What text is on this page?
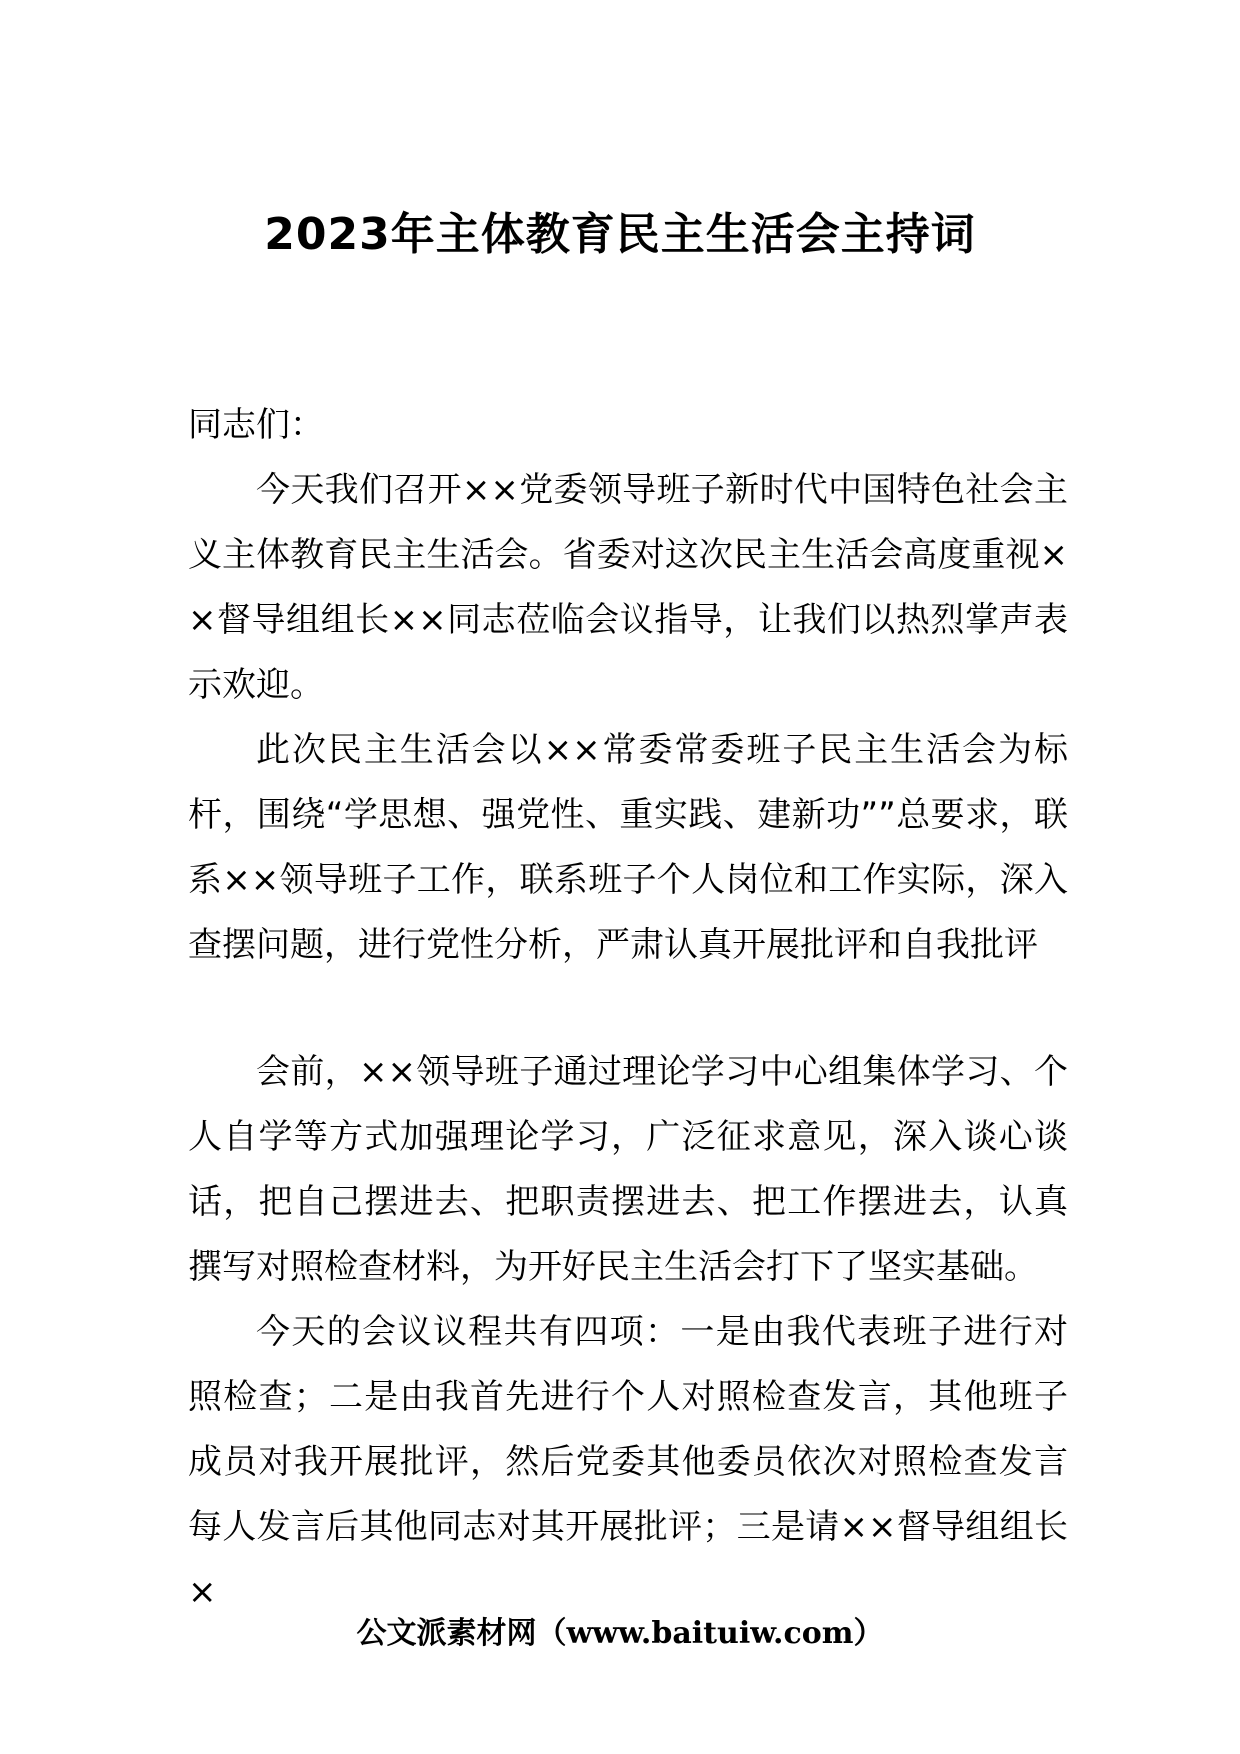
2023年主体教育民主生活会主持词
同志们：

今天我们召开××党委领导班子新时代中国特色社会主义主体教育民主生活会。省委对这次民主生活会高度重视××督导组组长××同志莅临会议指导，让我们以热烈掌声表示欢迎。

此次民主生活会以××常委常委班子民主生活会为标杆，围绕“学思想、强党性、重实践、建新功””总要求，联系××领导班子工作，联系班子个人岗位和工作实际，深入查摆问题，进行党性分析，严肃认真开展批评和自我批评

会前，××领导班子通过理论学习中心组集体学习、个人自学等方式加强理论学习，广泛征求意见，深入谈心谈话，把自己摆进去、把职责摆进去、把工作摆进去，认真撰写对照检查材料，为开好民主生活会打下了坚实基础。

今天的会议议程共有四项：一是由我代表班子进行对照检查；二是由我首先进行个人对照检查发言，其他班子成员对我开展批评，然后党委其他委员依次对照检查发言每人发言后其他同志对其开展批评；三是请××督导组组长×

公文派素材网（www.baituiw.com）
